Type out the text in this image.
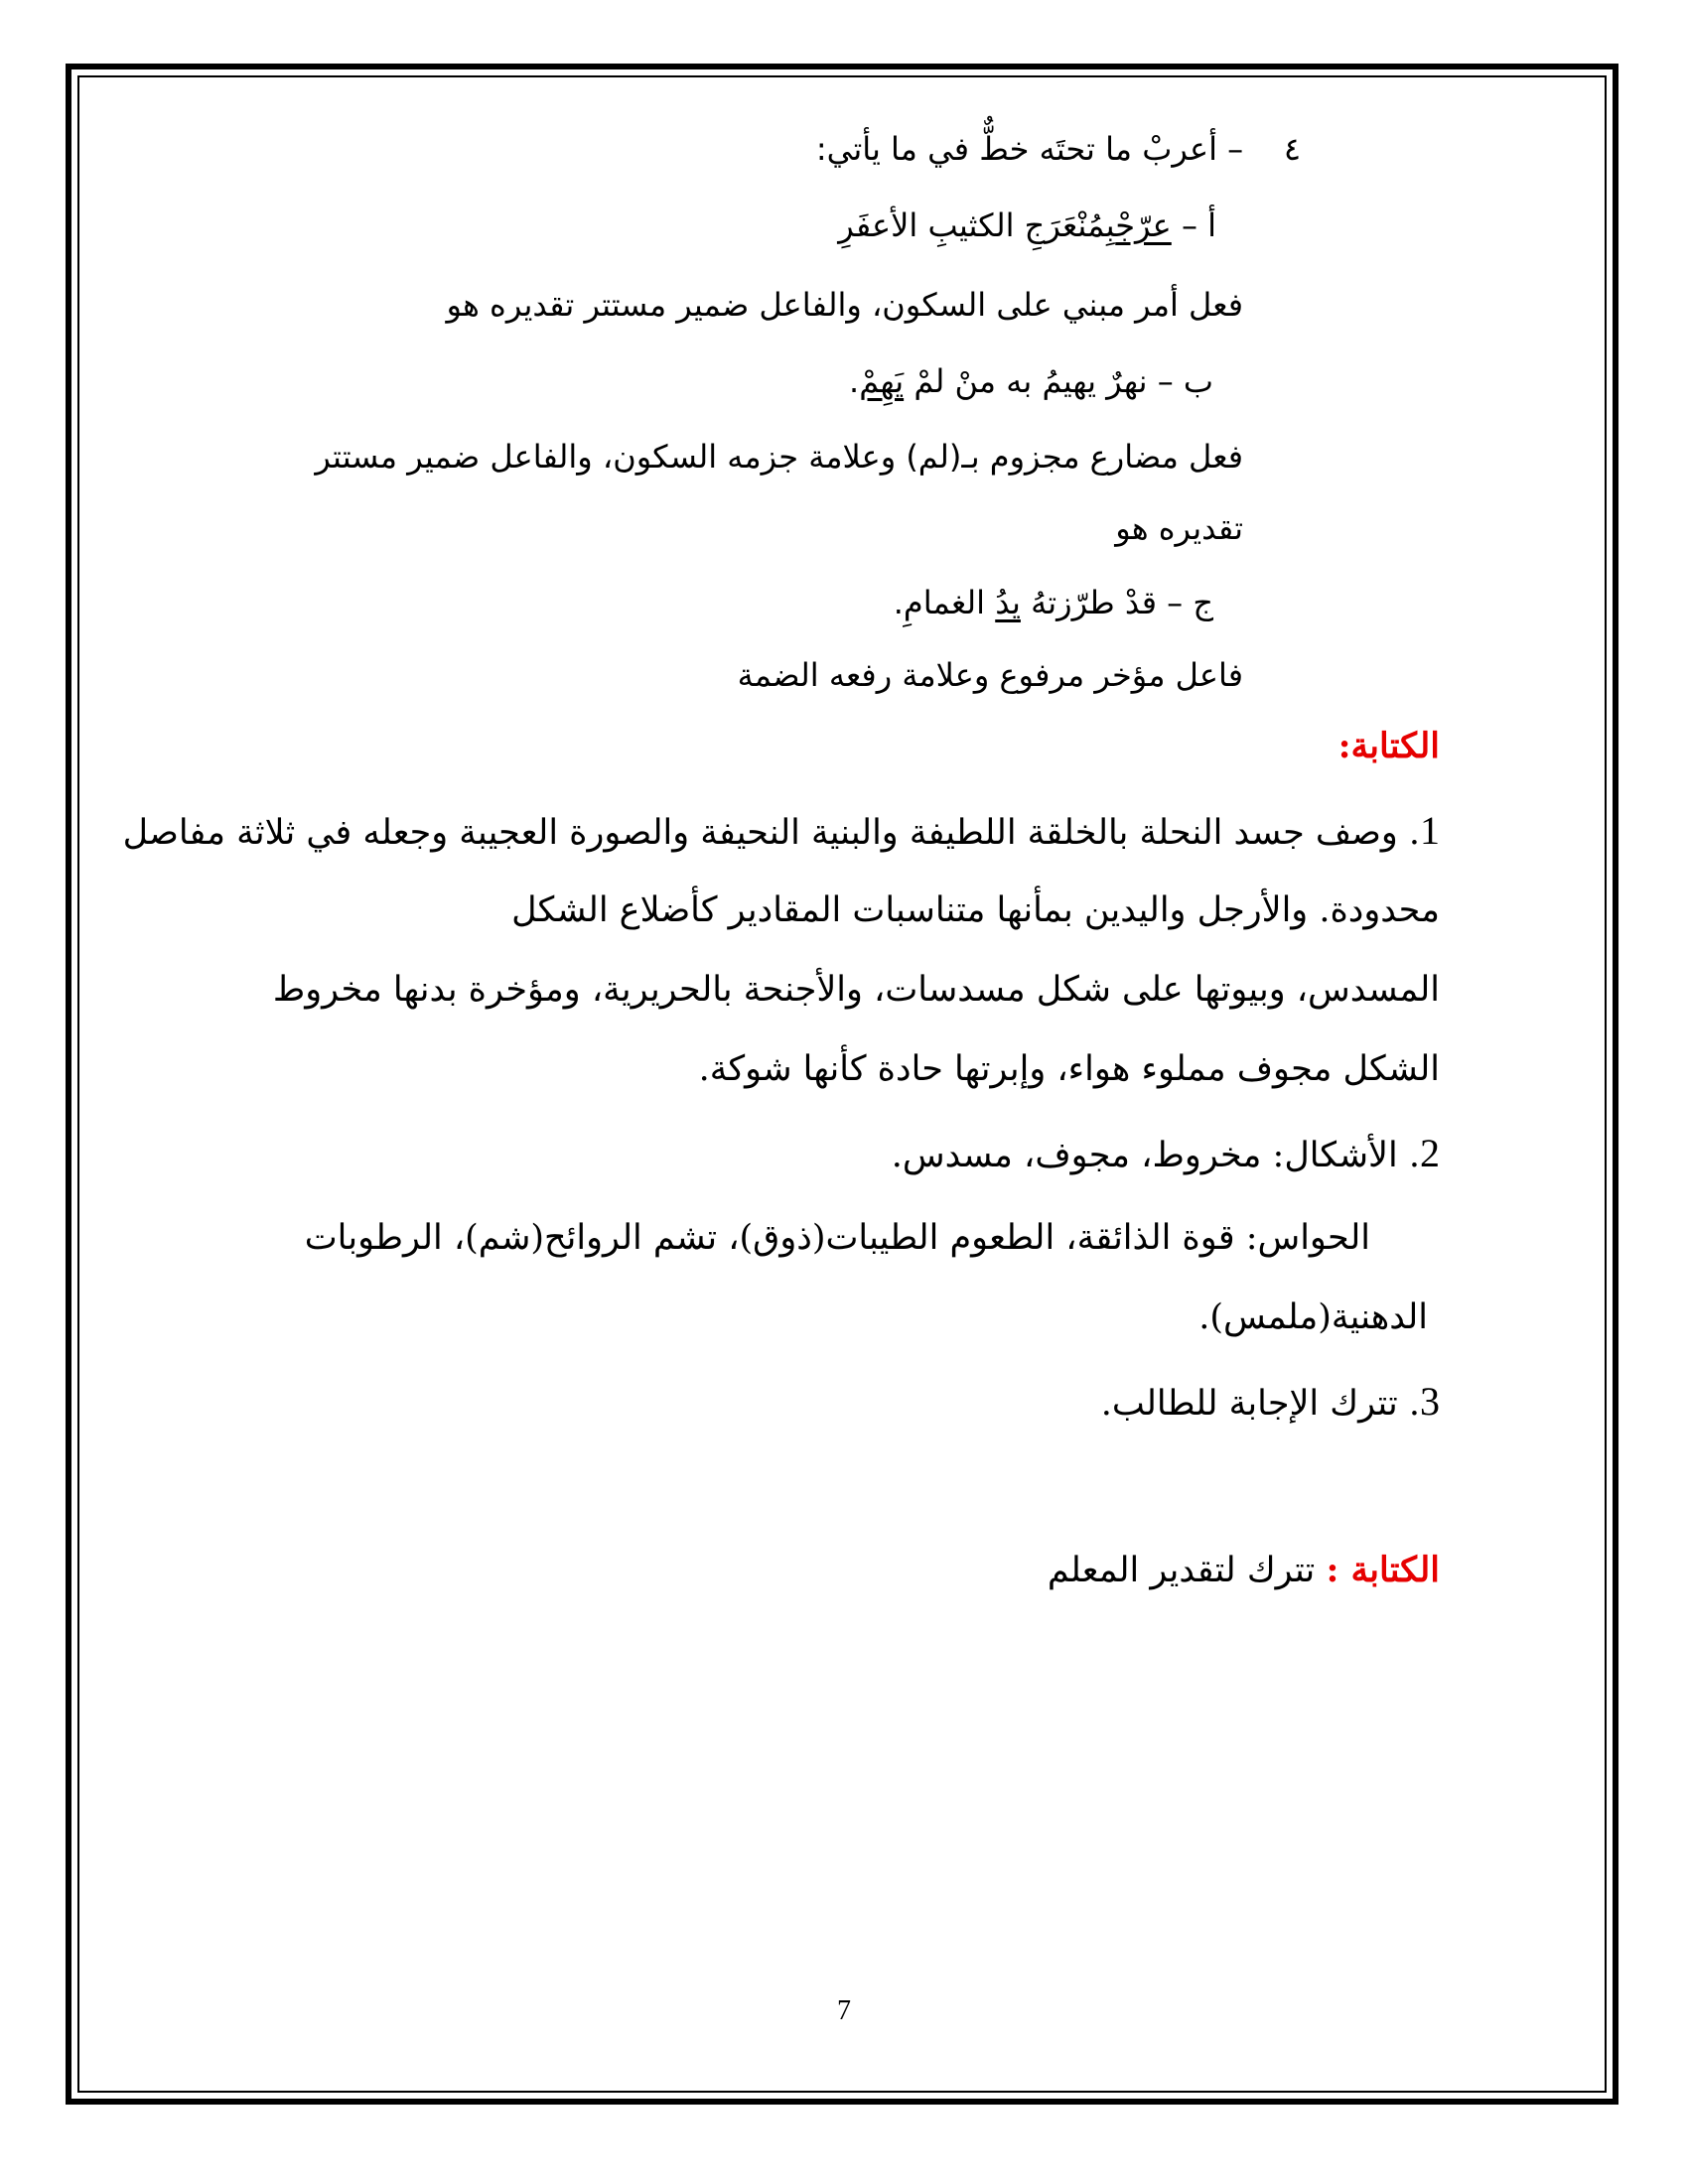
٤    – أعربْ ما تحتَه خطٌّ في ما يأتي:
أ – عرّجْبِمُنْعَرَجِ الكثيبِ الأعفَرِ
فعل أمر مبني على السكون، والفاعل ضمير مستتر تقديره هو
ب – نهرٌ يهيمُ به منْ لمْ يَهِمْ.
فعل مضارع مجزوم بـ(لم) وعلامة جزمه السكون، والفاعل ضمير مستتر
تقديره هو
ج – قدْ طرّزتهُ يدُ الغمامِ.
فاعل مؤخر مرفوع وعلامة رفعه الضمة
الكتابة:
1. وصف جسد النحلة بالخلقة اللطيفة والبنية النحيفة والصورة العجيبة وجعله في ثلاثة مفاصل
محدودة. والأرجل واليدين بمأنها متناسبات المقادير كأضلاع الشكل
المسدس، وبيوتها على شكل مسدسات، والأجنحة بالحريرية، ومؤخرة بدنها مخروط
الشكل مجوف مملوء هواء، وإبرتها حادة كأنها شوكة.
2. الأشكال: مخروط، مجوف، مسدس.
الحواس: قوة الذائقة، الطعوم الطيبات(ذوق)، تشم الروائح(شم)، الرطوبات
الدهنية(ملمس).
3. تترك الإجابة للطالب.
الكتابة : تترك لتقدير المعلم
7
